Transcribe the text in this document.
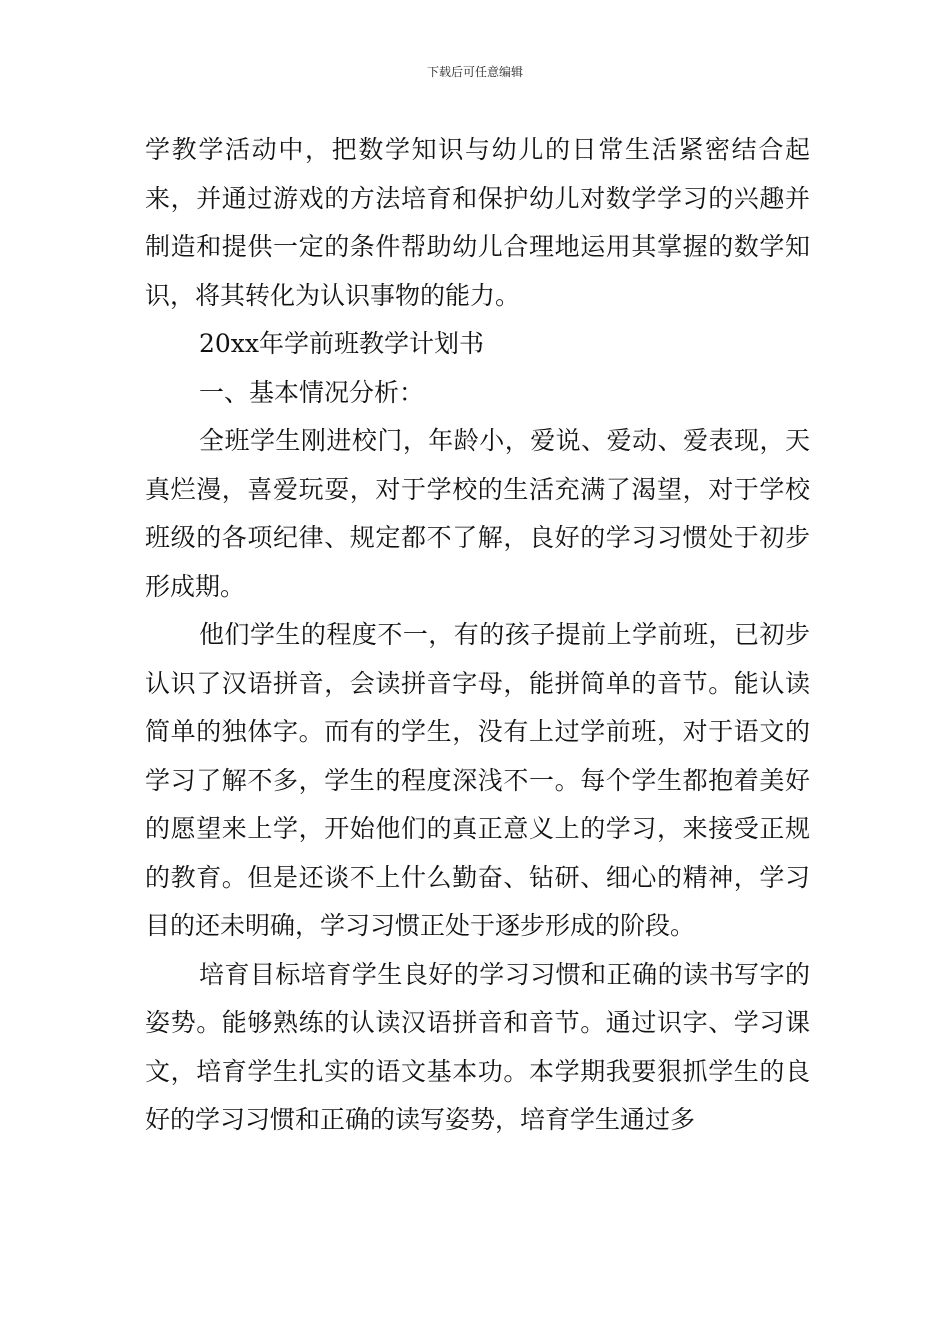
下载后可任意编辑

学教学活动中，把数学知识与幼儿的日常生活紧密结合起来，并通过游戏的方法培育和保护幼儿对数学学习的兴趣并制造和提供一定的条件帮助幼儿合理地运用其掌握的数学知识，将其转化为认识事物的能力。

20xx年学前班教学计划书

一、基本情况分析：

全班学生刚进校门，年龄小，爱说、爱动、爱表现，天真烂漫，喜爱玩耍，对于学校的生活充满了渴望，对于学校班级的各项纪律、规定都不了解，良好的学习习惯处于初步形成期。

他们学生的程度不一，有的孩子提前上学前班，已初步认识了汉语拼音，会读拼音字母，能拼简单的音节。能认读简单的独体字。而有的学生，没有上过学前班，对于语文的学习了解不多，学生的程度深浅不一。每个学生都抱着美好的愿望来上学，开始他们的真正意义上的学习，来接受正规的教育。但是还谈不上什么勤奋、钻研、细心的精神，学习目的还未明确，学习习惯正处于逐步形成的阶段。

培育目标培育学生良好的学习习惯和正确的读书写字的姿势。能够熟练的认读汉语拼音和音节。通过识字、学习课文，培育学生扎实的语文基本功。本学期我要狠抓学生的良好的学习习惯和正确的读写姿势，培育学生通过多
